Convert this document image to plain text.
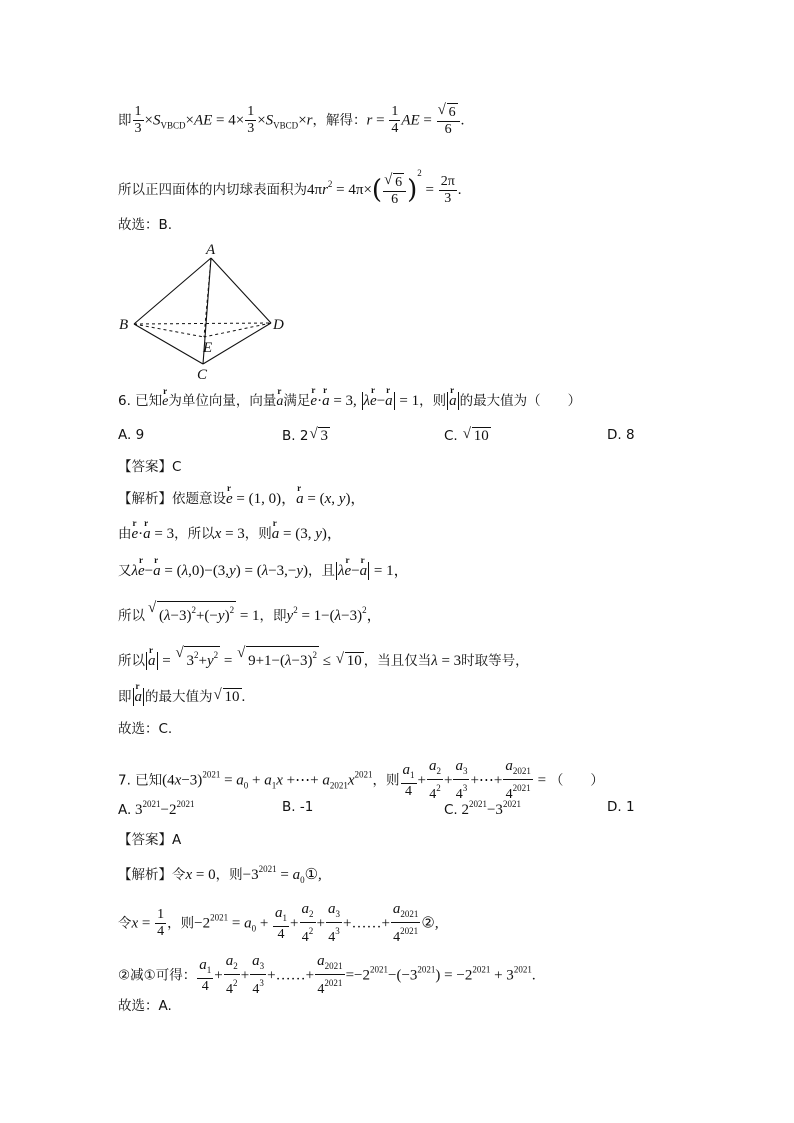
即 $\frac{1}{3} \times S_{VBCD}\times AE = 4\times \frac{1}{3} \times S_{VBCD}\times r$，解得：$r = \frac{1}{4}$ AE = √ $\frac{6}{6}$ .
所以正四面体的内切球表面积为$4\pi r^2 = 4\pi\times$( √ $\frac{6}{6} )^2 = \frac{2\pi}{3}$ .
故选：B.
A
B
C
D
E
6. 已知r e为单位向量，向量r a满足r e·r a = 3, λr e−r a = 1，则 r a 的最大值为（　　）
A. 9	B. 2 √ 3	C. √ 10	D. 8
【答案】C
【解析】依题意设r e = (1, 0)，r a = (x, y)，
由r e·r a = 3，所以x = 3，则r a = (3, y)，
又λr e−r a = (λ,0)−(3,y) = (λ−3,−y)，且 λr e−r a = 1，
所以 √ $(\lambda-3)^2+(-y)^2 = 1$，即$y^2 = 1-(\lambda-3)^2$，
所以 r a = √ $3^2+y^2$ = √ $9+1-(\lambda-3)^2$ ≤ √ 10 ，当且仅当λ = 3时取等号，
即 r a 的最大值为 √ 10 .
故选：C.
7. 已知$(4x-3)^{2021} = a_0 + a_1x$ +⋯+ $a_{2021}x^{2021}$，则 $\frac{a_1}{4} + \frac{a_2}{4^2} + \frac{a_3}{4^3}$ +⋯+ $\frac{a_{2021}}{4^{2021}}$ = （　　）
A. $3^{2021}-2^{2021}$	B. -1	C. $2^{2021}-3^{2021}$	D. 1
【答案】A
【解析】令x = 0，则$-3^{2021}$ = $a_0①$,
令$x = \frac{1}{4}$ ，则$-2^{2021} = a_0 + \frac{a_1}{4} + \frac{a_2}{4^2} + \frac{a_3}{4^3}$ +……+ $\frac{a_{2021}}{4^{2021}}$ ②,
②减①可得： $\frac{a_1}{4} + \frac{a_2}{4^2} + \frac{a_3}{4^3}$ +……+ $\frac{a_{2021}}{4^{2021}} =-2^{2021}-(-3^{2021}) = -2^{2021} + 3^{2021}$.
故选：A.
